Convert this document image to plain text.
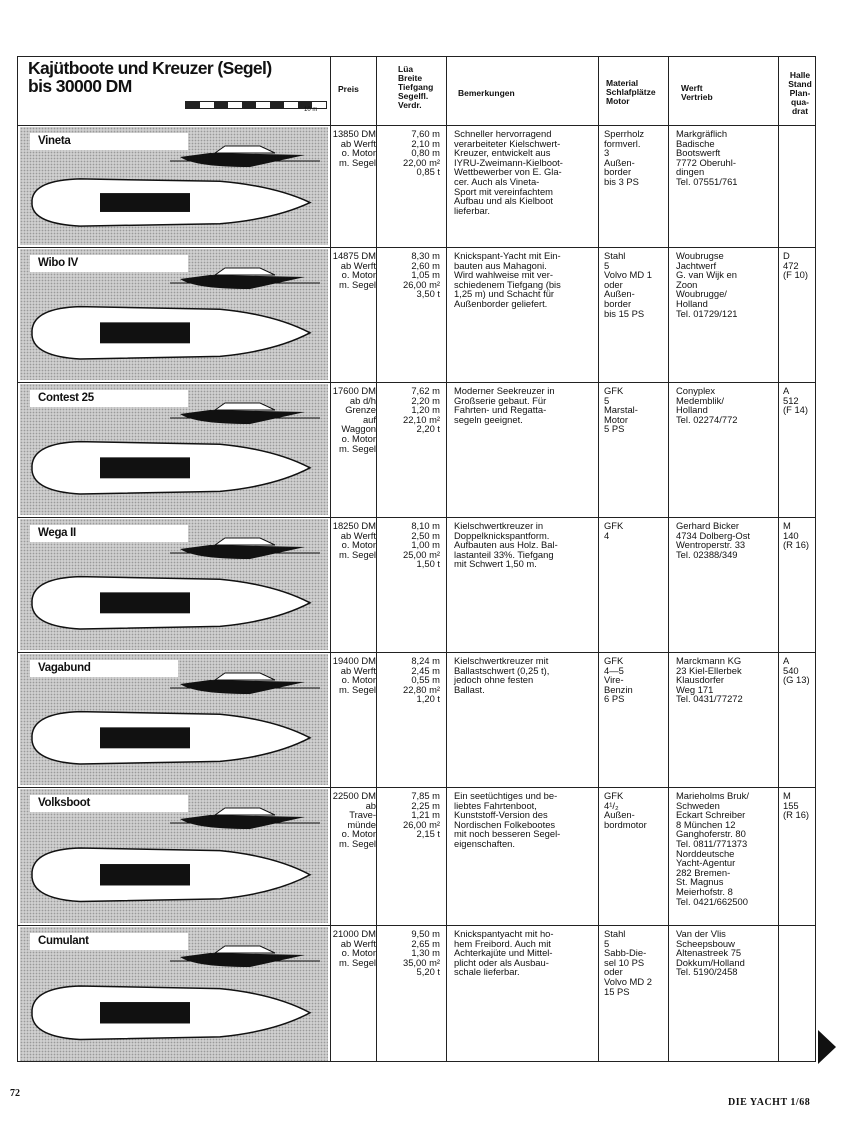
Kajütboote und Kreuzer (Segel)
bis 30000 DM
10 m
Preis
Lüa
Breite
Tiefgang
Segelfl.
Verdr.
Bemerkungen
Material
Schlafplätze
Motor
Werft
Vertrieb
Halle
Stand
Plan-
qua-
drat
Vineta
13850 DM
ab Werft
o. Motor
m. Segel
7,60 m
2,10 m
0,80 m
22,00 m²
0,85 t
Schneller hervorragend
verarbeiteter Kielschwert-
Kreuzer, entwickelt aus
IYRU-Zweimann-Kielboot-
Wettbewerber von E. Gla-
cer. Auch als Vineta-
Sport mit vereinfachtem
Aufbau und als Kielboot
lieferbar.
Sperrholz
formverl.
3
Außen-
border
bis 3 PS
Markgräflich
Badische
Bootswerft
7772 Oberuhl-
dingen
Tel. 07551/761
Wibo IV
14875 DM
ab Werft
o. Motor
m. Segel
8,30 m
2,60 m
1,05 m
26,00 m²
3,50 t
Knickspant-Yacht mit Ein-
bauten aus Mahagoni.
Wird wahlweise mit ver-
schiedenem Tiefgang (bis
1,25 m) und Schacht für
Außenborder geliefert.
Stahl
5
Volvo MD 1
oder
Außen-
border
bis 15 PS
Woubrugse
Jachtwerf
G. van Wijk en
Zoon
Woubrugge/
Holland
Tel. 01729/121
D
472
(F 10)
Contest 25
17600 DM
ab d/h
Grenze
auf
Waggon
o. Motor
m. Segel
7,62 m
2,20 m
1,20 m
22,10 m²
2,20 t
Moderner Seekreuzer in
Großserie gebaut. Für
Fahrten- und Regatta-
segeln geeignet.
GFK
5
Marstal-
Motor
5 PS
Conyplex
Medemblik/
Holland
Tel. 02274/772
A
512
(F 14)
Wega II
18250 DM
ab Werft
o. Motor
m. Segel
8,10 m
2,50 m
1,00 m
25,00 m²
1,50 t
Kielschwertkreuzer in
Doppelknickspantform.
Aufbauten aus Holz. Bal-
lastanteil 33%. Tiefgang
mit Schwert 1,50 m.
GFK
4
Gerhard Bicker
4734 Dolberg-Ost
Wentroperstr. 33
Tel. 02388/349
M
140
(R 16)
Vagabund
19400 DM
ab Werft
o. Motor
m. Segel
8,24 m
2,45 m
0,55 m
22,80 m²
1,20 t
Kielschwertkreuzer mit
Ballastschwert (0,25 t),
jedoch ohne festen
Ballast.
GFK
4—5
Vire-
Benzin
6 PS
Marckmann KG
23 Kiel-Ellerbek
Klausdorfer
Weg 171
Tel. 0431/77272
A
540
(G 13)
Volksboot
22500 DM
ab
Trave-
münde
o. Motor
m. Segel
7,85 m
2,25 m
1,21 m
26,00 m²
2,15 t
Ein seetüchtiges und be-
liebtes Fahrtenboot,
Kunststoff-Version des
Nordischen Folkebootes
mit noch besseren Segel-
eigenschaften.
GFK
4¹/₂
Außen-
bordmotor
Marieholms Bruk/
Schweden
Eckart Schreiber
8 München 12
Ganghoferstr. 80
Tel. 0811/771373
Norddeutsche
Yacht-Agentur
282 Bremen-
St. Magnus
Meierhofstr. 8
Tel. 0421/662500
M
155
(R 16)
Cumulant
21000 DM
ab Werft
o. Motor
m. Segel
9,50 m
2,65 m
1,30 m
35,00 m²
5,20 t
Knickspantyacht mit ho-
hem Freibord. Auch mit
Achterkajüte und Mittel-
plicht oder als Ausbau-
schale lieferbar.
Stahl
5
Sabb-Die-
sel 10 PS
oder
Volvo MD 2
15 PS
Van der Vlis
Scheepsbouw
Altenastreek 75
Dokkum/Holland
Tel. 5190/2458
72
DIE YACHT 1/68
